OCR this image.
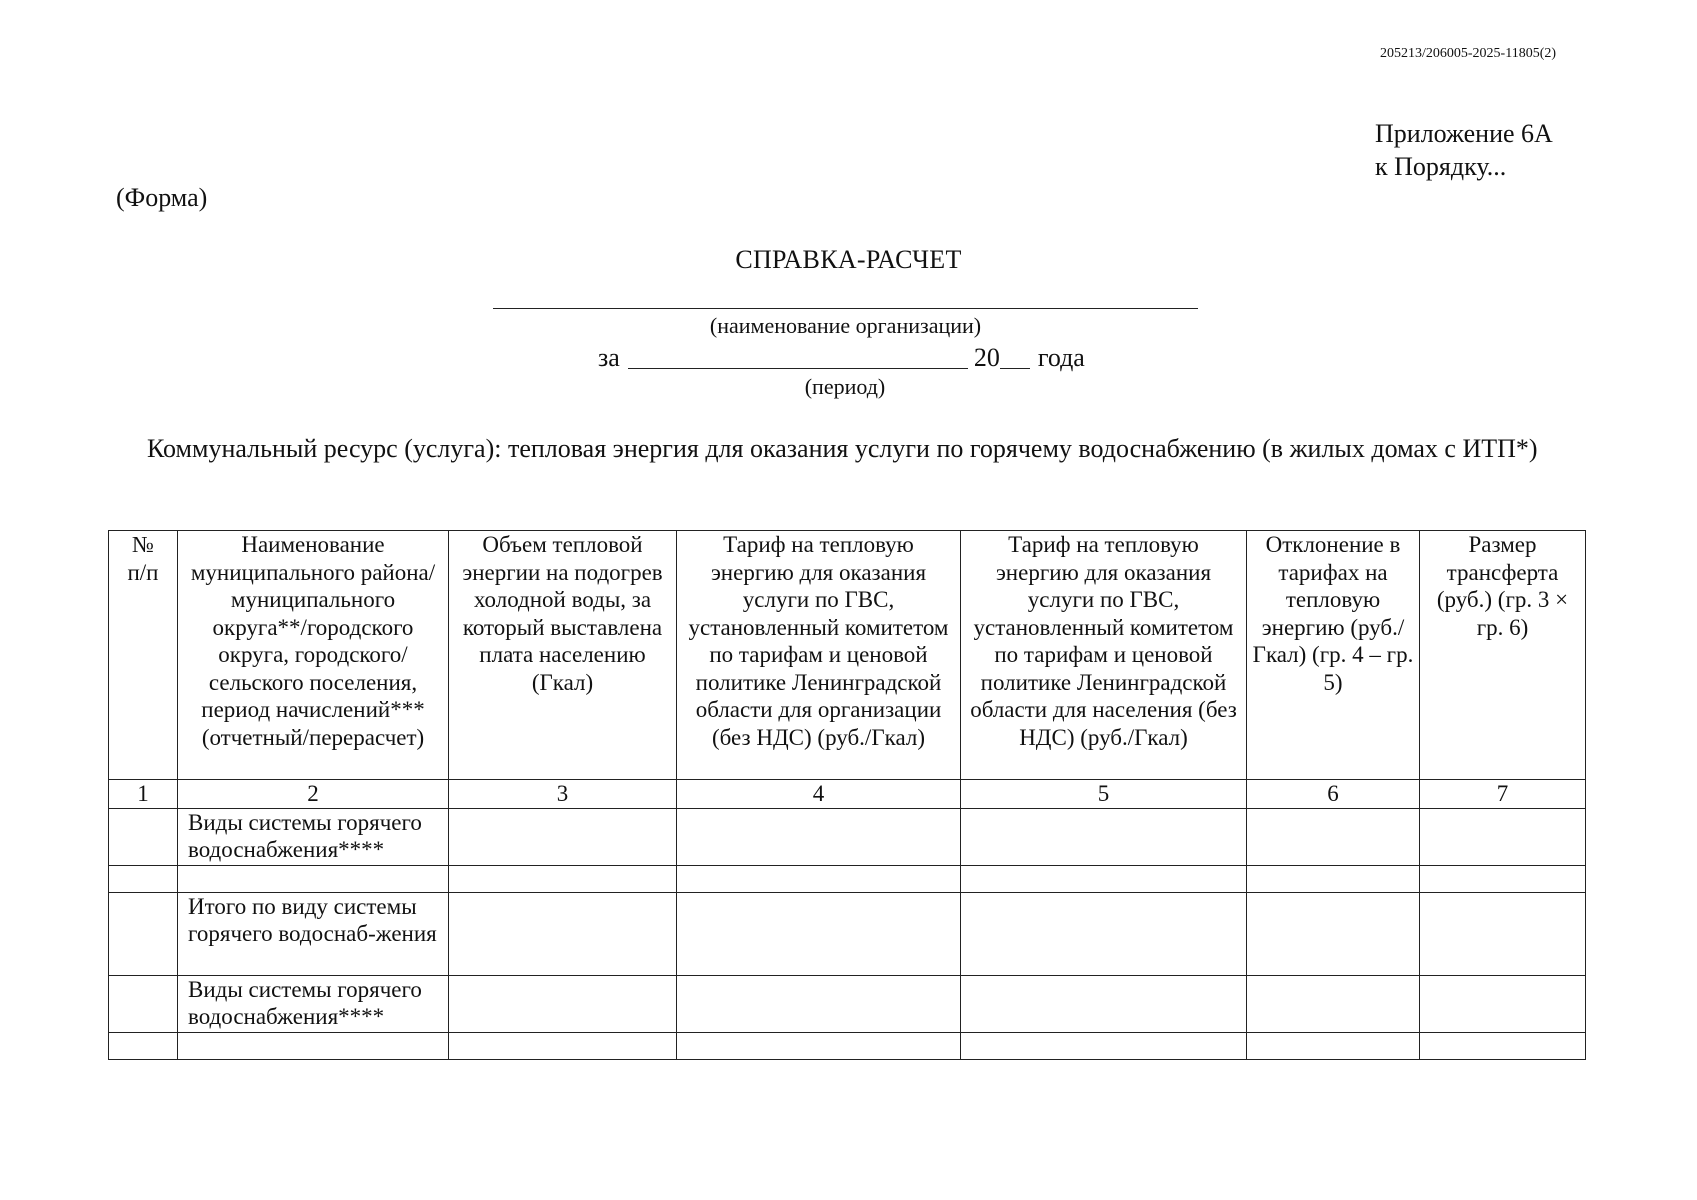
205213/206005-2025-11805(2)
Приложение 6А
к Порядку...
(Форма)
СПРАВКА-РАСЧЕТ
(наименование организации)
за	20 года
(период)
Коммунальный ресурс (услуга): тепловая энергия для оказания услуги по горячему водоснабжению (в жилых домах с ИТП*)
№
п/п	Наименование муниципального района/муниципального округа**/городского округа, городского/ сельского поселения, период начислений*** (отчетный/перерасчет)	Объем тепловой энергии на подогрев холодной воды, за который выставлена плата населению (Гкал)	Тариф на тепловую энергию для оказания услуги по ГВС, установленный комитетом по тарифам и ценовой политике Ленинградской области для организации (без НДС) (руб./Гкал)	Тариф на тепловую энергию для оказания услуги по ГВС, установленный комитетом по тарифам и ценовой политике Ленинградской области для населения (без НДС) (руб./Гкал)	Отклонение в тарифах на тепловую энергию (руб./Гкал) (гр. 4 – гр. 5)	Размер трансферта (руб.) (гр. 3 × гр. 6)
1	2	3	4	5	6	7
	Виды системы горячего водоснабжения****					

	Итого по виду системы горячего водоснаб-жения					
	Виды системы горячего водоснабжения****					
